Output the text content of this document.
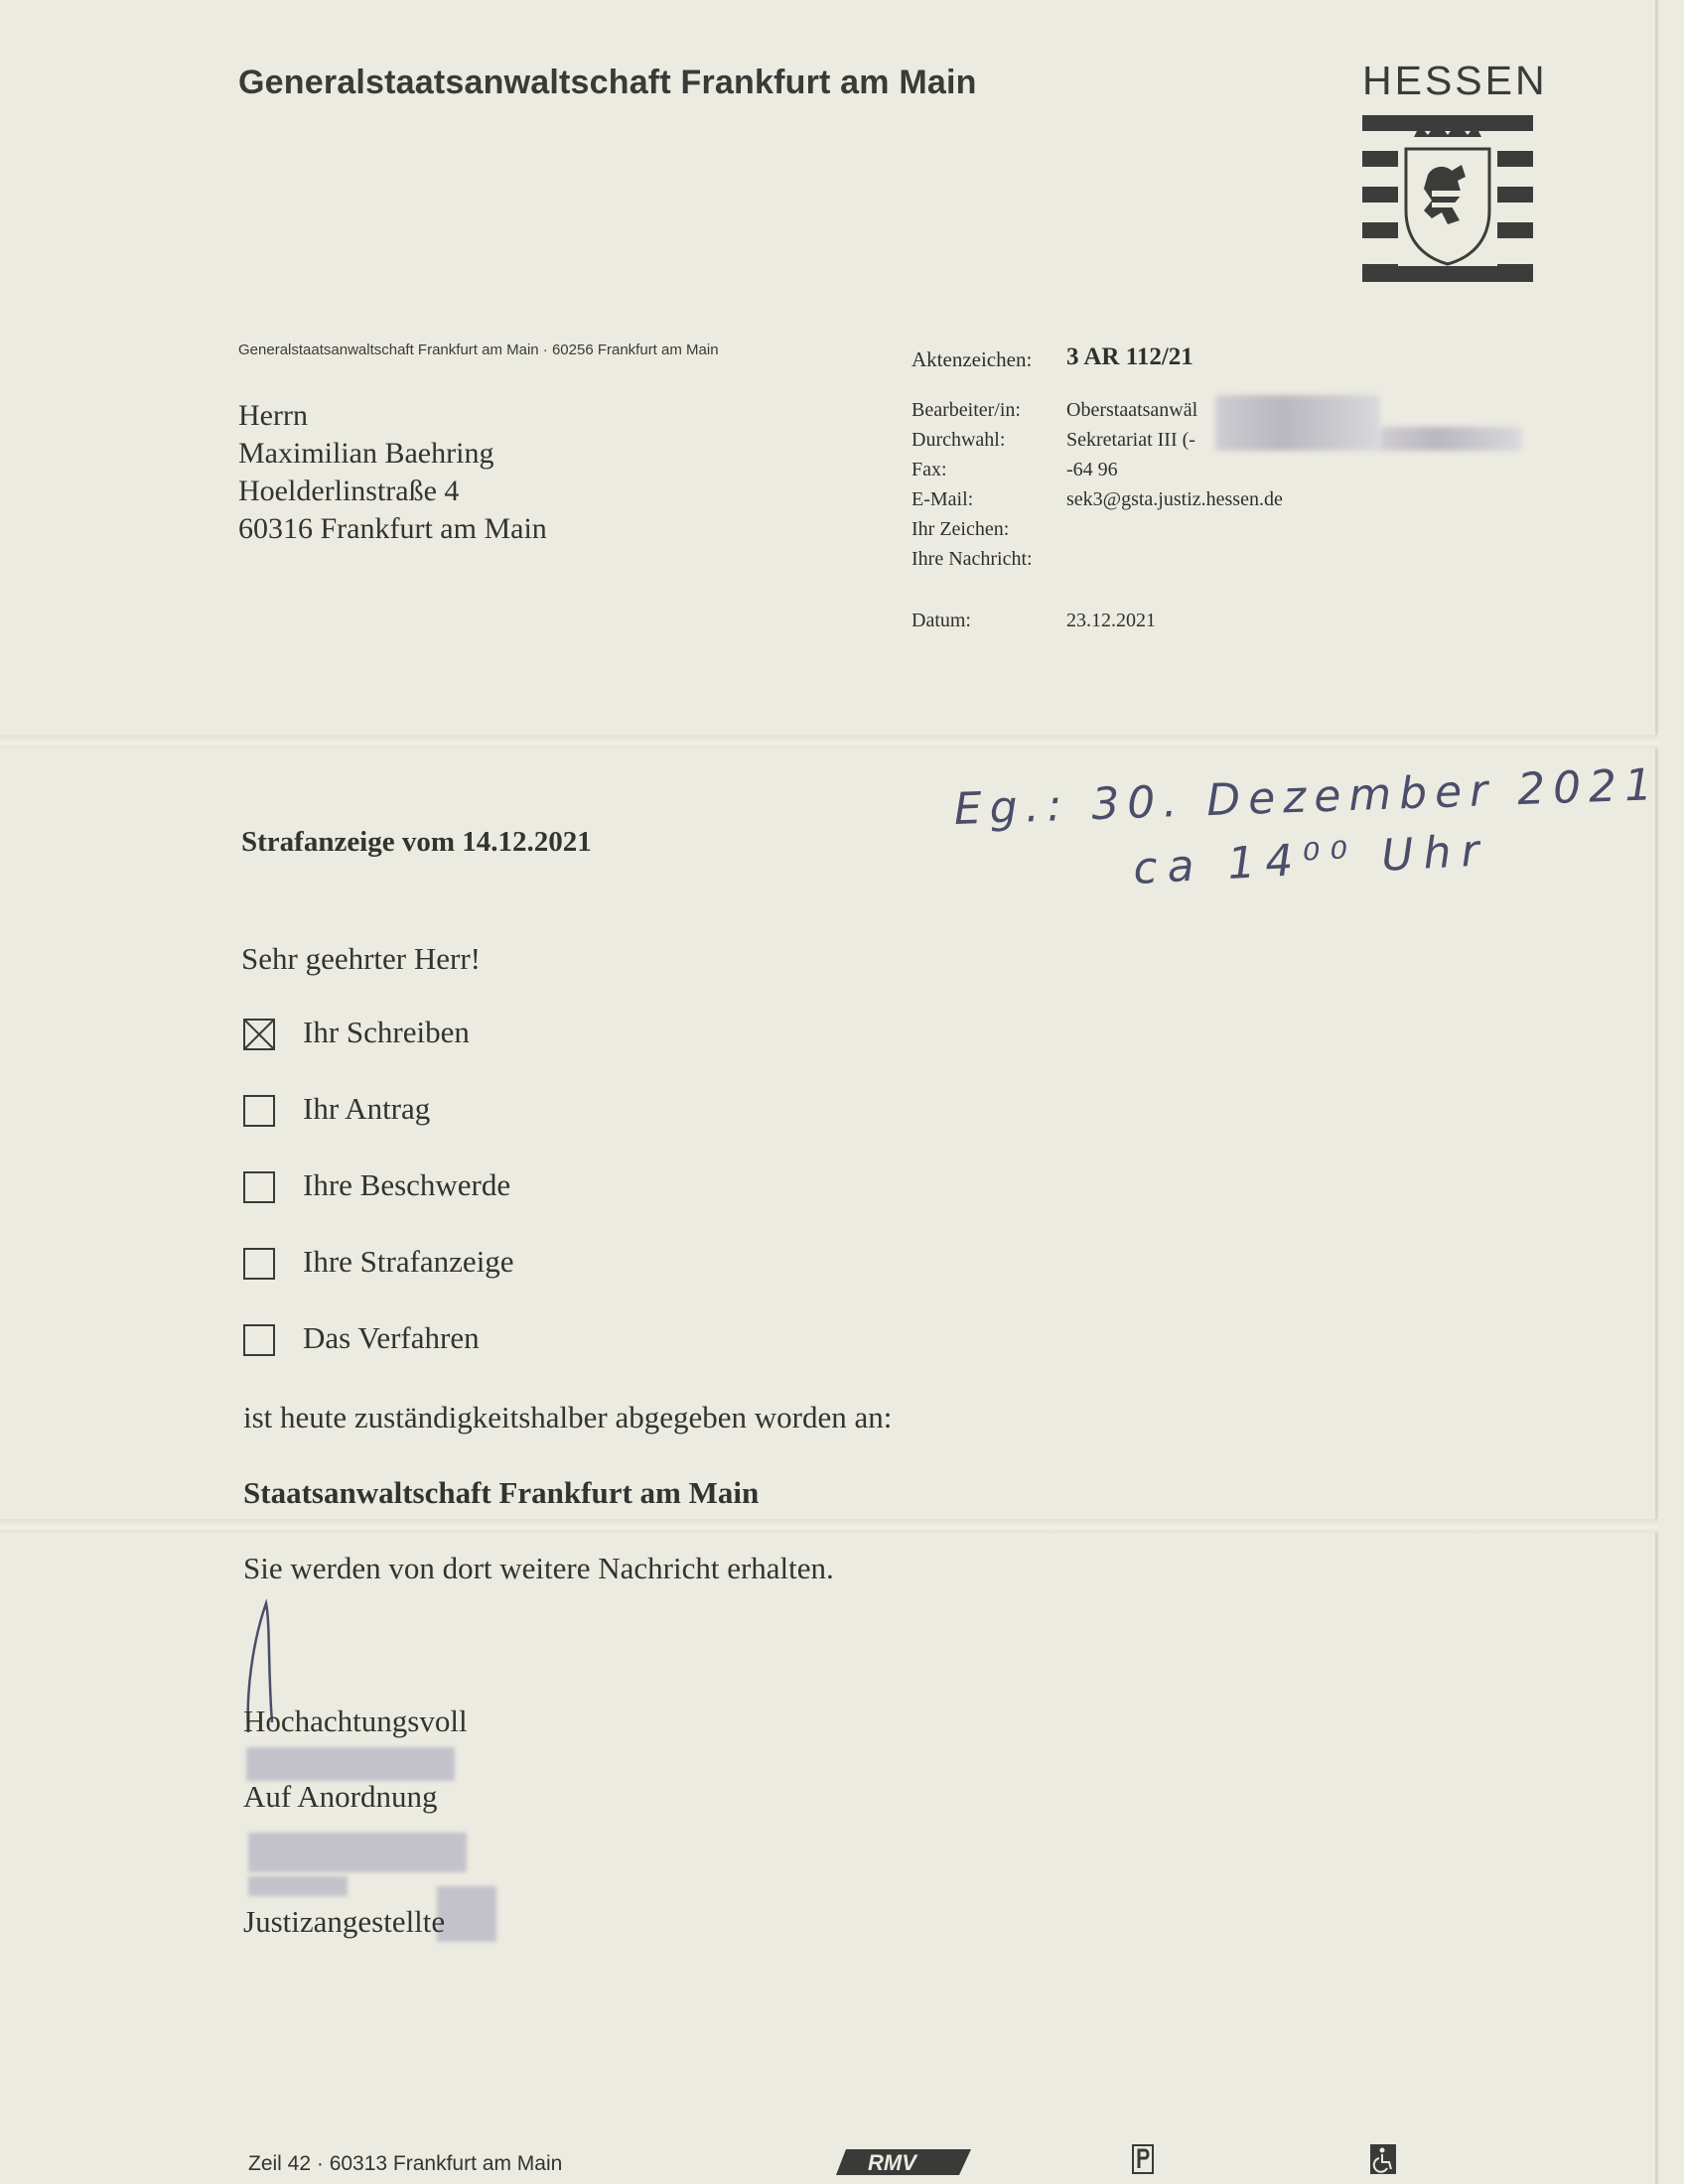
Generalstaatsanwaltschaft Frankfurt am Main	HESSEN
Generalstaatsanwaltschaft Frankfurt am Main · 60256 Frankfurt am Main
Herrn
Maximilian Baehring
Hoelderlinstraße 4
60316 Frankfurt am Main
Aktenzeichen: 3 AR 112/21
Bearbeiter/in: Oberstaatsanwäl
Durchwahl:	Sekretariat III (-
Fax:	-64 96
E-Mail:	sek3@gsta.justiz.hessen.de
Ihr Zeichen:
Ihre Nachricht:
Datum:	23.12.2021
Eg.: 30. Dezember 2021
ca 14⁰⁰ Uhr
Strafanzeige vom 14.12.2021
Sehr geehrter Herr!
Ihr Schreiben
Ihr Antrag
Ihre Beschwerde
Ihre Strafanzeige
Das Verfahren
ist heute zuständigkeitshalber abgegeben worden an:
Staatsanwaltschaft Frankfurt am Main
Sie werden von dort weitere Nachricht erhalten.
Hochachtungsvoll
Auf Anordnung
Justizangestellte
Zeil 42 · 60313 Frankfurt am Main	RMV
